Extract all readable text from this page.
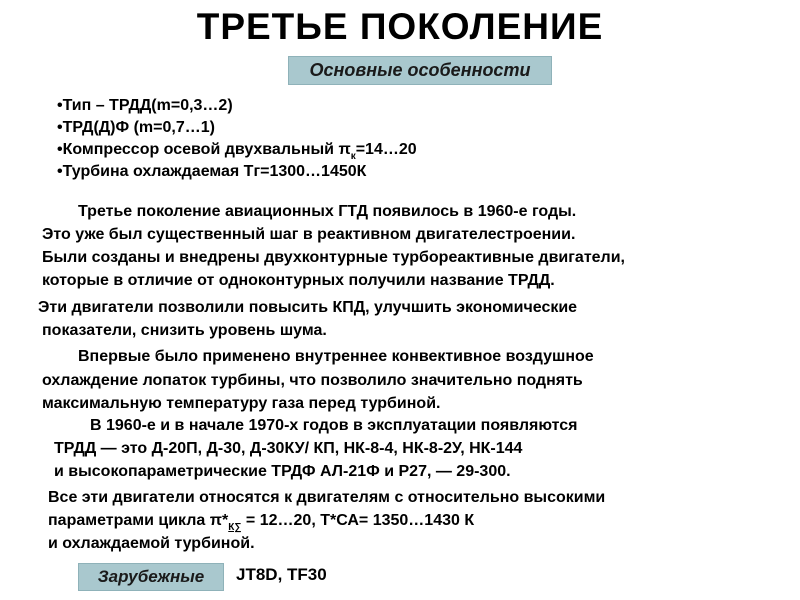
ТРЕТЬЕ ПОКОЛЕНИЕ
Основные особенности
•Тип – ТРДД(m=0,3…2)
•ТРД(Д)Ф (m=0,7…1)
•Компрессор осевой двухвальный $\pi_к=14\dots 20$
•Турбина охлаждаемая Тг=1300…1450К
Третье поколение авиационных ГТД появилось в 1960-е годы.
Это уже был существенный шаг в реактивном двигателестроении.
Были созданы и внедрены двухконтурные турбореактивные двигатели,
которые в отличие от одноконтурных получили название ТРДД.
Эти двигатели позволили повысить КПД, улучшить экономические
показатели, снизить уровень шума.
Впервые было применено внутреннее конвективное воздушное
охлаждение лопаток турбины, что позволило значительно поднять
максимальную температуру газа перед турбиной.
В 1960-е и в начале 1970-х годов в эксплуатации появляются
ТРДД — это Д-20П, Д-30, Д-30КУ/ КП, НК-8-4, НК-8-2У, НК-144
и высокопараметрические ТРДФ АЛ-21Ф и Р27, — 29-300.
Все эти двигатели относятся к двигателям с относительно высокими
параметрами цикла $\pi*_{К\sum}$ = 12…20, Т*СА= 1350…1430 К
и охлаждаемой турбиной.
Зарубежные	JT8D, TF30
